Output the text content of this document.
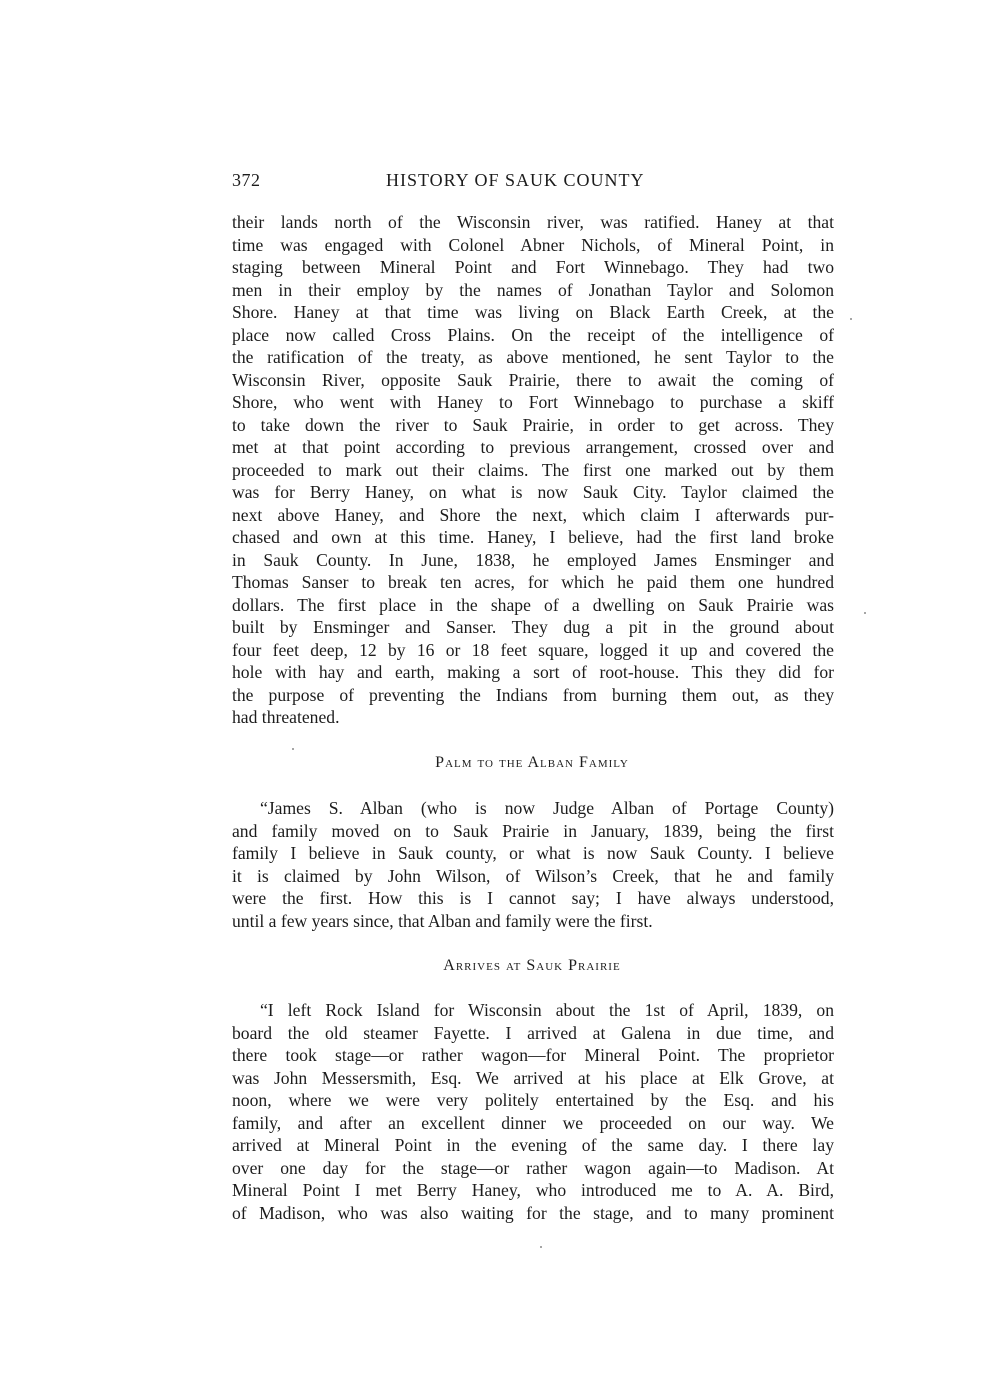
372	HISTORY OF SAUK COUNTY
their lands north of the Wisconsin river, was ratified. Haney at that
time was engaged with Colonel Abner Nichols, of Mineral Point, in
staging between Mineral Point and Fort Winnebago. They had two
men in their employ by the names of Jonathan Taylor and Solomon
Shore. Haney at that time was living on Black Earth Creek, at the
place now called Cross Plains. On the receipt of the intelligence of
the ratification of the treaty, as above mentioned, he sent Taylor to the
Wisconsin River, opposite Sauk Prairie, there to await the coming of
Shore, who went with Haney to Fort Winnebago to purchase a skiff
to take down the river to Sauk Prairie, in order to get across. They
met at that point according to previous arrangement, crossed over and
proceeded to mark out their claims. The first one marked out by them
was for Berry Haney, on what is now Sauk City. Taylor claimed the
next above Haney, and Shore the next, which claim I afterwards pur-
chased and own at this time. Haney, I believe, had the first land broke
in Sauk County. In June, 1838, he employed James Ensminger and
Thomas Sanser to break ten acres, for which he paid them one hundred
dollars. The first place in the shape of a dwelling on Sauk Prairie was
built by Ensminger and Sanser. They dug a pit in the ground about
four feet deep, 12 by 16 or 18 feet square, logged it up and covered the
hole with hay and earth, making a sort of root-house. This they did for
the purpose of preventing the Indians from burning them out, as they
had threatened.
Palm to the Alban Family
“James S. Alban (who is now Judge Alban of Portage County)
and family moved on to Sauk Prairie in January, 1839, being the first
family I believe in Sauk county, or what is now Sauk County. I believe
it is claimed by John Wilson, of Wilson’s Creek, that he and family
were the first. How this is I cannot say; I have always understood,
until a few years since, that Alban and family were the first.
Arrives at Sauk Prairie
“I left Rock Island for Wisconsin about the 1st of April, 1839, on
board the old steamer Fayette. I arrived at Galena in due time, and
there took stage—or rather wagon—for Mineral Point. The proprietor
was John Messersmith, Esq. We arrived at his place at Elk Grove, at
noon, where we were very politely entertained by the Esq. and his
family, and after an excellent dinner we proceeded on our way. We
arrived at Mineral Point in the evening of the same day. I there lay
over one day for the stage—or rather wagon again—to Madison. At
Mineral Point I met Berry Haney, who introduced me to A. A. Bird,
of Madison, who was also waiting for the stage, and to many prominent
